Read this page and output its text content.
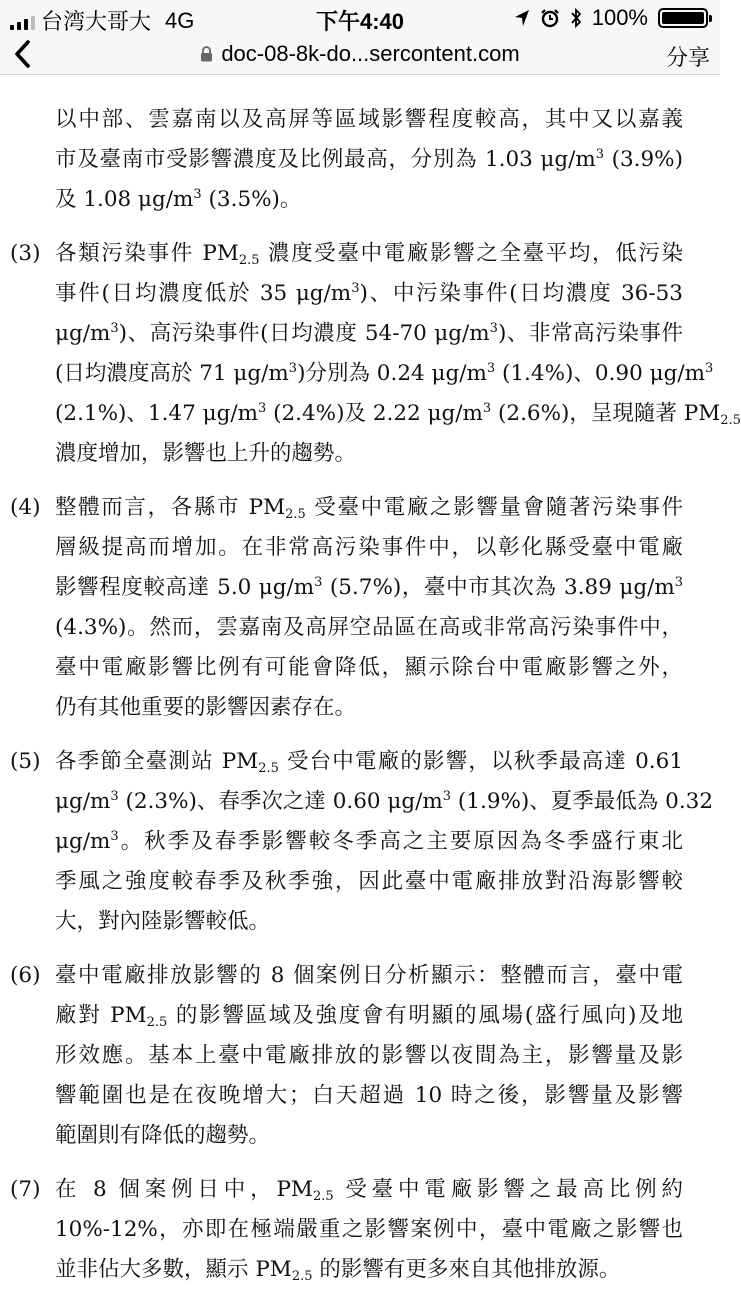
台湾大哥大 4G	下午4:40	100%
doc-08-8k-do...sercontent.com	分享
以中部、雲嘉南以及高屏等區域影響程度較高，其中又以嘉義
市及臺南市受影響濃度及比例最高，分別為 1.03 $\mu g/m^3$ (3.9%)
及 1.08 $\mu g/m^3$ (3.5%)。
(3) 各類污染事件 $PM_{2.5}$ 濃度受臺中電廠影響之全臺平均，低污染
事件(日均濃度低於 35 $\mu g/m^3$)、中污染事件(日均濃度 36-53
$\mu g/m^3$)、高污染事件(日均濃度 54-70 $\mu g/m^3$)、非常高污染事件
(日均濃度高於 71 $\mu g/m^3$)分別為 0.24 $\mu g/m^3$ (1.4%)、0.90 $\mu g/m^3$
(2.1%)、1.47 $\mu g/m^3$ (2.4%)及 2.22 $\mu g/m^3$ (2.6%)，呈現隨著 $PM_{2.5}$
濃度增加，影響也上升的趨勢。
(4) 整體而言，各縣市 $PM_{2.5}$ 受臺中電廠之影響量會隨著污染事件
層級提高而增加。在非常高污染事件中，以彰化縣受臺中電廠
影響程度較高達 5.0 $\mu g/m^3$ (5.7%)，臺中市其次為 3.89 $\mu g/m^3$
(4.3%)。然而，雲嘉南及高屏空品區在高或非常高污染事件中，
臺中電廠影響比例有可能會降低，顯示除台中電廠影響之外，
仍有其他重要的影響因素存在。
(5) 各季節全臺測站 $PM_{2.5}$ 受台中電廠的影響，以秋季最高達 0.61
$\mu g/m^3$ (2.3%)、春季次之達 0.60 $\mu g/m^3$ (1.9%)、夏季最低為 0.32
$\mu g/m^3$。秋季及春季影響較冬季高之主要原因為冬季盛行東北
季風之強度較春季及秋季強，因此臺中電廠排放對沿海影響較
大，對內陸影響較低。
(6) 臺中電廠排放影響的 8 個案例日分析顯示：整體而言，臺中電
廠對 $PM_{2.5}$ 的影響區域及強度會有明顯的風場(盛行風向)及地
形效應。基本上臺中電廠排放的影響以夜間為主，影響量及影
響範圍也是在夜晚增大；白天超過 10 時之後，影響量及影響
範圍則有降低的趨勢。
(7) 在 8 個案例日中，$PM_{2.5}$ 受臺中電廠影響之最高比例約
10%-12%，亦即在極端嚴重之影響案例中，臺中電廠之影響也
並非佔大多數，顯示 $PM_{2.5}$ 的影響有更多來自其他排放源。
